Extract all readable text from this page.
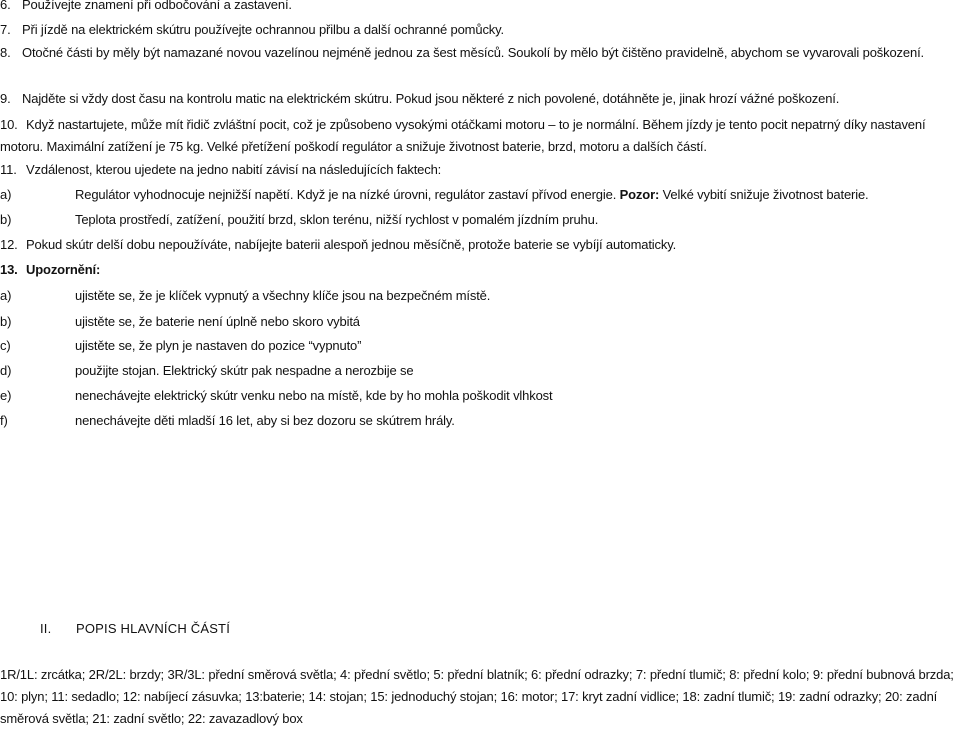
6. Používejte znamení při odbočování a zastavení.
7. Při jízdě na elektrickém skútru používejte ochrannou přilbu a další ochranné pomůcky.
8. Otočné části by měly být namazané novou vazelínou nejméně jednou za šest měsíců. Soukolí by mělo být čištěno pravidelně, abychom se vyvarovali poškození.
9. Najděte si vždy dost času na kontrolu matic na elektrickém skútru. Pokud jsou některé z nich povolené, dotáhněte je, jinak hrozí vážné poškození.
10. Když nastartujete, může mít řidič zvláštní pocit, což je způsobeno vysokými otáčkami motoru – to je normální. Během jízdy je tento pocit nepatrný díky nastavení motoru. Maximální zatížení je 75 kg. Velké přetížení poškodí regulátor a snižuje životnost baterie, brzd, motoru a dalších částí.
11. Vzdálenost, kterou ujedete na jedno nabití závisí na následujících faktech:
a)	Regulátor vyhodnocuje nejnižší napětí. Když je na nízké úrovni, regulátor zastaví přívod energie. Pozor: Velké vybití snižuje životnost baterie.
b)	Teplota prostředí, zatížení, použití brzd, sklon terénu, nižší rychlost v pomalém jízdním pruhu.
12. Pokud skútr delší dobu nepoužíváte, nabíjejte baterii alespoň jednou měsíčně, protože baterie se vybíjí automaticky.
13. Upozornění:
a)	ujistěte se, že je klíček vypnutý a všechny klíče jsou na bezpečném místě.
b)	ujistěte se, že baterie není úplně nebo skoro vybitá
c)	ujistěte se, že plyn je nastaven do pozice “vypnuto”
d)	použijte stojan. Elektrický skútr pak nespadne a nerozbije se
e)	nenechávejte elektrický skútr venku nebo na místě, kde by ho mohla poškodit vlhkost
f)	nenechávejte děti mladší 16 let, aby si bez dozoru se skútrem hrály.
II. POPIS HLAVNÍCH ČÁSTÍ
1R/1L: zrcátka; 2R/2L: brzdy; 3R/3L: přední směrová světla; 4: přední světlo; 5: přední blatník; 6: přední odrazky; 7: přední tlumič; 8: přední kolo; 9: přední bubnová brzda; 10: plyn; 11: sedadlo; 12: nabíjecí zásuvka; 13:baterie; 14: stojan; 15: jednoduchý stojan; 16: motor; 17: kryt zadní vidlice; 18: zadní tlumič; 19: zadní odrazky; 20: zadní směrová světla; 21: zadní světlo; 22: zavazadlový box
